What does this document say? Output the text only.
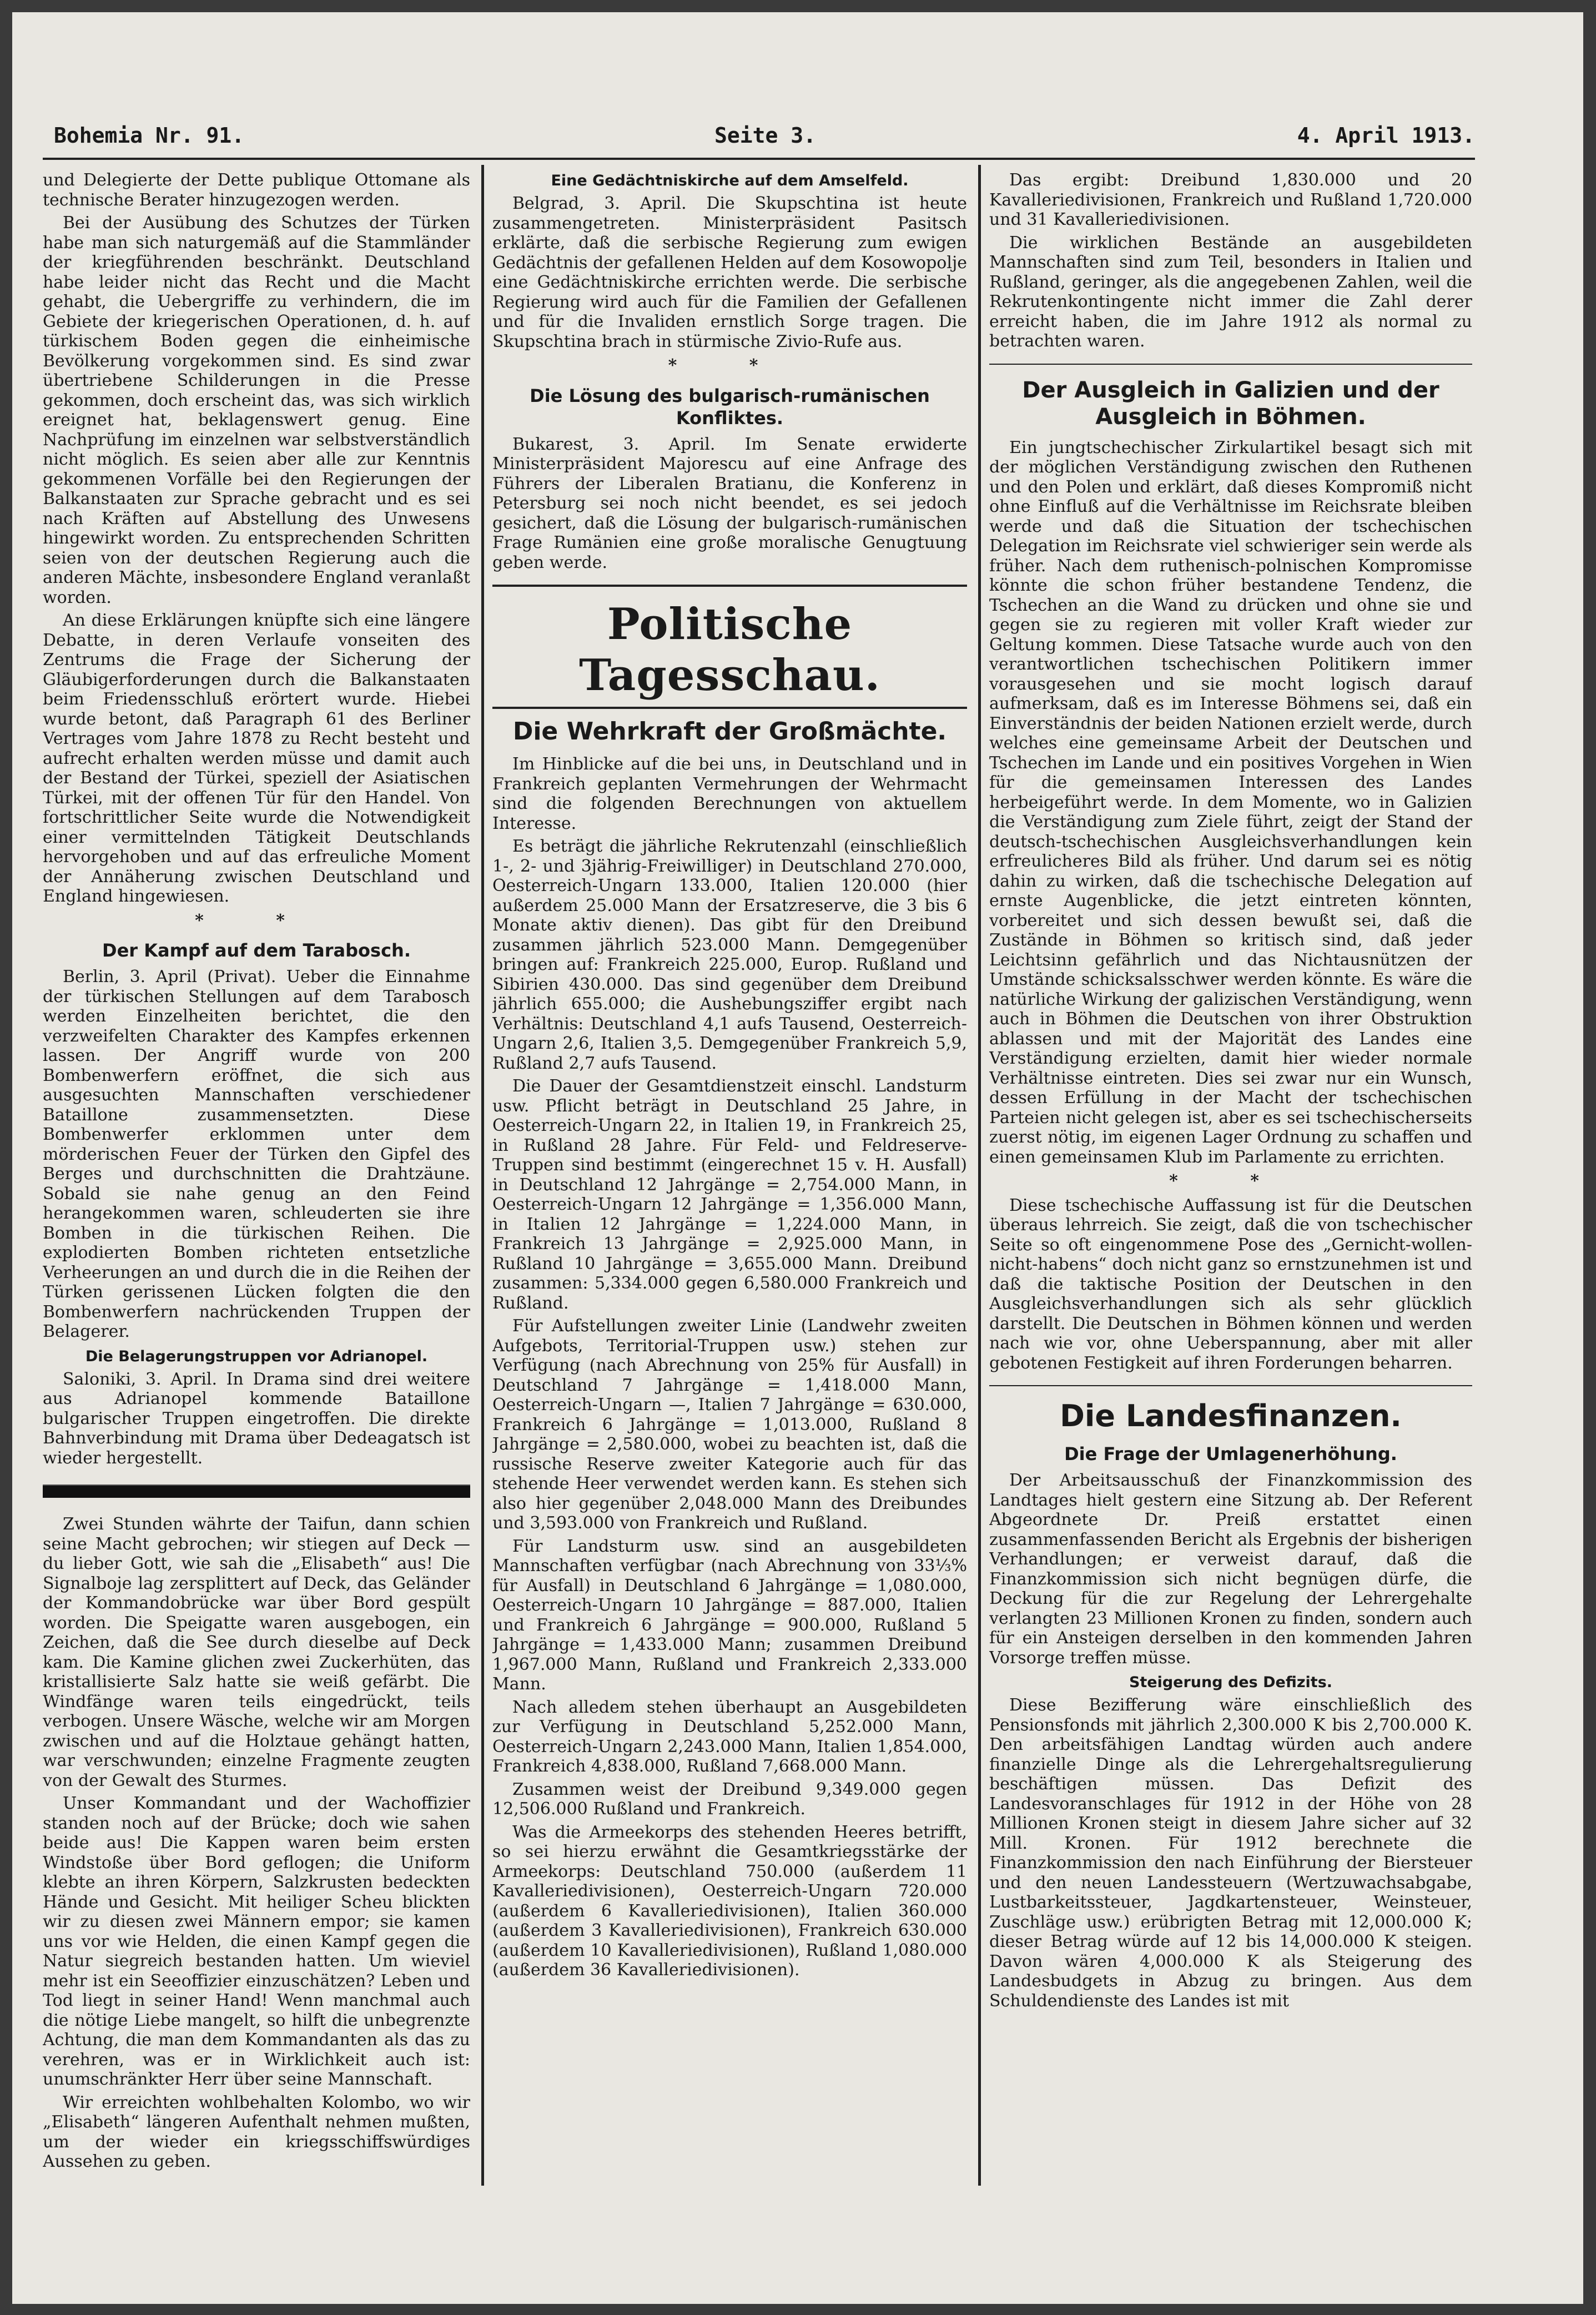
Bohemia Nr. 91.	Seite 3.	4. April 1913.

und Delegierte der Dette publique Ottomane als technische Berater hinzugezogen werden.

Bei der Ausübung des Schutzes der Türken habe man sich naturgemäß auf die Stammländer der kriegführenden beschränkt. Deutschland habe leider nicht das Recht und die Macht gehabt, die Uebergriffe zu verhindern, die im Gebiete der kriegerischen Operationen, d. h. auf türkischem Boden gegen die einheimische Bevölkerung vorgekommen sind. Es sind zwar übertriebene Schilderungen in die Presse gekommen, doch erscheint das, was sich wirklich ereignet hat, beklagenswert genug. Eine Nachprüfung im einzelnen war selbstverständlich nicht möglich. Es seien aber alle zur Kenntnis gekommenen Vorfälle bei den Regierungen der Balkanstaaten zur Sprache gebracht und es sei nach Kräften auf Abstellung des Unwesens hingewirkt worden. Zu entsprechenden Schritten seien von der deutschen Regierung auch die anderen Mächte, insbesondere England veranlaßt worden.

An diese Erklärungen knüpfte sich eine längere Debatte, in deren Verlaufe vonseiten des Zentrums die Frage der Sicherung der Gläubigerforderungen durch die Balkanstaaten beim Friedensschluß erörtert wurde. Hiebei wurde betont, daß Paragraph 61 des Berliner Vertrages vom Jahre 1878 zu Recht besteht und aufrecht erhalten werden müsse und damit auch der Bestand der Türkei, speziell der Asiatischen Türkei, mit der offenen Tür für den Handel. Von fortschrittlicher Seite wurde die Notwendigkeit einer vermittelnden Tätigkeit Deutschlands hervorgehoben und auf das erfreuliche Moment der Annäherung zwischen Deutschland und England hingewiesen.

* *
Der Kampf auf dem Tarabosch.

Berlin, 3. April (Privat). Ueber die Einnahme der türkischen Stellungen auf dem Tarabosch werden Einzelheiten berichtet, die den verzweifelten Charakter des Kampfes erkennen lassen. Der Angriff wurde von 200 Bombenwerfern eröffnet, die sich aus ausgesuchten Mannschaften verschiedener Bataillone zusammensetzten. Diese Bombenwerfer erklommen unter dem mörderischen Feuer der Türken den Gipfel des Berges und durchschnitten die Drahtzäune. Sobald sie nahe genug an den Feind herangekommen waren, schleuderten sie ihre Bomben in die türkischen Reihen. Die explodierten Bomben richteten entsetzliche Verheerungen an und durch die in die Reihen der Türken gerissenen Lücken folgten die den Bombenwerfern nachrückenden Truppen der Belagerer.

Die Belagerungstruppen vor Adrianopel.

Saloniki, 3. April. In Drama sind drei weitere aus Adrianopel kommende Bataillone bulgarischer Truppen eingetroffen. Die direkte Bahnverbindung mit Drama über Dedeagatsch ist wieder hergestellt.

Zwei Stunden währte der Taifun, dann schien seine Macht gebrochen; wir stiegen auf Deck — du lieber Gott, wie sah die „Elisabeth“ aus! Die Signalboje lag zersplittert auf Deck, das Geländer der Kommandobrücke war über Bord gespült worden. Die Speigatte waren ausgebogen, ein Zeichen, daß die See durch dieselbe auf Deck kam. Die Kamine glichen zwei Zuckerhüten, das kristallisierte Salz hatte sie weiß gefärbt. Die Windfänge waren teils eingedrückt, teils verbogen. Unsere Wäsche, welche wir am Morgen zwischen und auf die Holztaue gehängt hatten, war verschwunden; einzelne Fragmente zeugten von der Gewalt des Sturmes.

Unser Kommandant und der Wachoffizier standen noch auf der Brücke; doch wie sahen beide aus! Die Kappen waren beim ersten Windstoße über Bord geflogen; die Uniform klebte an ihren Körpern, Salzkrusten bedeckten Hände und Gesicht. Mit heiliger Scheu blickten wir zu diesen zwei Männern empor; sie kamen uns vor wie Helden, die einen Kampf gegen die Natur siegreich bestanden hatten. Um wieviel mehr ist ein Seeoffizier einzuschätzen? Leben und Tod liegt in seiner Hand! Wenn manchmal auch die nötige Liebe mangelt, so hilft die unbegrenzte Achtung, die man dem Kommandanten als das zu verehren, was er in Wirklichkeit auch ist: unumschränkter Herr über seine Mannschaft.

Wir erreichten wohlbehalten Kolombo, wo wir „Elisabeth“ längeren Aufenthalt nehmen mußten, um der wieder ein kriegsschiffswürdiges Aussehen zu geben.

Eine Gedächtniskirche auf dem Amselfeld.

Belgrad, 3. April. Die Skupschtina ist heute zusammengetreten. Ministerpräsident Pasitsch erklärte, daß die serbische Regierung zum ewigen Gedächtnis der gefallenen Helden auf dem Kosowopolje eine Gedächtniskirche errichten werde. Die serbische Regierung wird auch für die Familien der Gefallenen und für die Invaliden ernstlich Sorge tragen. Die Skupschtina brach in stürmische Zivio-Rufe aus.

* *
Die Lösung des bulgarisch-rumänischen Konfliktes.

Bukarest, 3. April. Im Senate erwiderte Ministerpräsident Majorescu auf eine Anfrage des Führers der Liberalen Bratianu, die Konferenz in Petersburg sei noch nicht beendet, es sei jedoch gesichert, daß die Lösung der bulgarisch-rumänischen Frage Rumänien eine große moralische Genugtuung geben werde.

Politische Tagesschau.
Die Wehrkraft der Großmächte.

Im Hinblicke auf die bei uns, in Deutschland und in Frankreich geplanten Vermehrungen der Wehrmacht sind die folgenden Berechnungen von aktuellem Interesse.

Es beträgt die jährliche Rekrutenzahl (einschließlich 1-, 2- und 3jährig-Freiwilliger) in Deutschland 270.000, Oesterreich-Ungarn 133.000, Italien 120.000 (hier außerdem 25.000 Mann der Ersatzreserve, die 3 bis 6 Monate aktiv dienen). Das gibt für den Dreibund zusammen jährlich 523.000 Mann. Demgegenüber bringen auf: Frankreich 225.000, Europ. Rußland und Sibirien 430.000. Das sind gegenüber dem Dreibund jährlich 655.000; die Aushebungsziffer ergibt nach Verhältnis: Deutschland 4,1 aufs Tausend, Oesterreich-Ungarn 2,6, Italien 3,5. Demgegenüber Frankreich 5,9, Rußland 2,7 aufs Tausend.

Die Dauer der Gesamtdienstzeit einschl. Landsturm usw. Pflicht beträgt in Deutschland 25 Jahre, in Oesterreich-Ungarn 22, in Italien 19, in Frankreich 25, in Rußland 28 Jahre. Für Feld- und Feldreserve-Truppen sind bestimmt (eingerechnet 15 v. H. Ausfall) in Deutschland 12 Jahrgänge = 2,754.000 Mann, in Oesterreich-Ungarn 12 Jahrgänge = 1,356.000 Mann, in Italien 12 Jahrgänge = 1,224.000 Mann, in Frankreich 13 Jahrgänge = 2,925.000 Mann, in Rußland 10 Jahrgänge = 3,655.000 Mann. Dreibund zusammen: 5,334.000 gegen 6,580.000 Frankreich und Rußland.

Für Aufstellungen zweiter Linie (Landwehr zweiten Aufgebots, Territorial-Truppen usw.) stehen zur Verfügung (nach Abrechnung von 25% für Ausfall) in Deutschland 7 Jahrgänge = 1,418.000 Mann, Oesterreich-Ungarn —, Italien 7 Jahrgänge = 630.000, Frankreich 6 Jahrgänge = 1,013.000, Rußland 8 Jahrgänge = 2,580.000, wobei zu beachten ist, daß die russische Reserve zweiter Kategorie auch für das stehende Heer verwendet werden kann. Es stehen sich also hier gegenüber 2,048.000 Mann des Dreibundes und 3,593.000 von Frankreich und Rußland.

Für Landsturm usw. sind an ausgebildeten Mannschaften verfügbar (nach Abrechnung von 33⅓% für Ausfall) in Deutschland 6 Jahrgänge = 1,080.000, Oesterreich-Ungarn 10 Jahrgänge = 887.000, Italien und Frankreich 6 Jahrgänge = 900.000, Rußland 5 Jahrgänge = 1,433.000 Mann; zusammen Dreibund 1,967.000 Mann, Rußland und Frankreich 2,333.000 Mann.

Nach alledem stehen überhaupt an Ausgebildeten zur Verfügung in Deutschland 5,252.000 Mann, Oesterreich-Ungarn 2,243.000 Mann, Italien 1,854.000, Frankreich 4,838.000, Rußland 7,668.000 Mann.

Zusammen weist der Dreibund 9,349.000 gegen 12,506.000 Rußland und Frankreich.

Was die Armeekorps des stehenden Heeres betrifft, so sei hierzu erwähnt die Gesamtkriegsstärke der Armeekorps: Deutschland 750.000 (außerdem 11 Kavalleriedivisionen), Oesterreich-Ungarn 720.000 (außerdem 6 Kavalleriedivisionen), Italien 360.000 (außerdem 3 Kavalleriedivisionen), Frankreich 630.000 (außerdem 10 Kavalleriedivisionen), Rußland 1,080.000 (außerdem 36 Kavalleriedivisionen).

Das ergibt: Dreibund 1,830.000 und 20 Kavalleriedivisionen, Frankreich und Rußland 1,720.000 und 31 Kavalleriedivisionen.

Die wirklichen Bestände an ausgebildeten Mannschaften sind zum Teil, besonders in Italien und Rußland, geringer, als die angegebenen Zahlen, weil die Rekrutenkontingente nicht immer die Zahl derer erreicht haben, die im Jahre 1912 als normal zu betrachten waren.

Der Ausgleich in Galizien und der Ausgleich in Böhmen.

Ein jungtschechischer Zirkulartikel besagt sich mit der möglichen Verständigung zwischen den Ruthenen und den Polen und erklärt, daß dieses Kompromiß nicht ohne Einfluß auf die Verhältnisse im Reichsrate bleiben werde und daß die Situation der tschechischen Delegation im Reichsrate viel schwieriger sein werde als früher. Nach dem ruthenisch-polnischen Kompromisse könnte die schon früher bestandene Tendenz, die Tschechen an die Wand zu drücken und ohne sie und gegen sie zu regieren mit voller Kraft wieder zur Geltung kommen. Diese Tatsache wurde auch von den verantwortlichen tschechischen Politikern immer vorausgesehen und sie mocht logisch darauf aufmerksam, daß es im Interesse Böhmens sei, daß ein Einverständnis der beiden Nationen erzielt werde, durch welches eine gemeinsame Arbeit der Deutschen und Tschechen im Lande und ein positives Vorgehen in Wien für die gemeinsamen Interessen des Landes herbeigeführt werde. In dem Momente, wo in Galizien die Verständigung zum Ziele führt, zeigt der Stand der deutsch-tschechischen Ausgleichsverhandlungen kein erfreulicheres Bild als früher. Und darum sei es nötig dahin zu wirken, daß die tschechische Delegation auf ernste Augenblicke, die jetzt eintreten könnten, vorbereitet und sich dessen bewußt sei, daß die Zustände in Böhmen so kritisch sind, daß jeder Leichtsinn gefährlich und das Nichtausnützen der Umstände schicksalsschwer werden könnte. Es wäre die natürliche Wirkung der galizischen Verständigung, wenn auch in Böhmen die Deutschen von ihrer Obstruktion ablassen und mit der Majorität des Landes eine Verständigung erzielten, damit hier wieder normale Verhältnisse eintreten. Dies sei zwar nur ein Wunsch, dessen Erfüllung in der Macht der tschechischen Parteien nicht gelegen ist, aber es sei tschechischerseits zuerst nötig, im eigenen Lager Ordnung zu schaffen und einen gemeinsamen Klub im Parlamente zu errichten.

* *

Diese tschechische Auffassung ist für die Deutschen überaus lehrreich. Sie zeigt, daß die von tschechischer Seite so oft eingenommene Pose des „Gernicht-wollen-nicht-habens“ doch nicht ganz so ernstzunehmen ist und daß die taktische Position der Deutschen in den Ausgleichsverhandlungen sich als sehr glücklich darstellt. Die Deutschen in Böhmen können und werden nach wie vor, ohne Ueberspannung, aber mit aller gebotenen Festigkeit auf ihren Forderungen beharren.

Die Landesfinanzen.
Die Frage der Umlagenerhöhung.

Der Arbeitsausschuß der Finanzkommission des Landtages hielt gestern eine Sitzung ab. Der Referent Abgeordnete Dr. Preiß erstattet einen zusammenfassenden Bericht als Ergebnis der bisherigen Verhandlungen; er verweist darauf, daß die Finanzkommission sich nicht begnügen dürfe, die Deckung für die zur Regelung der Lehrergehalte verlangten 23 Millionen Kronen zu finden, sondern auch für ein Ansteigen derselben in den kommenden Jahren Vorsorge treffen müsse.

Steigerung des Defizits.

Diese Bezifferung wäre einschließlich des Pensionsfonds mit jährlich 2,300.000 K bis 2,700.000 K. Den arbeitsfähigen Landtag würden auch andere finanzielle Dinge als die Lehrergehaltsregulierung beschäftigen müssen. Das Defizit des Landesvoranschlages für 1912 in der Höhe von 28 Millionen Kronen steigt in diesem Jahre sicher auf 32 Mill. Kronen. Für 1912 berechnete die Finanzkommission den nach Einführung der Biersteuer und den neuen Landessteuern (Wertzuwachsabgabe, Lustbarkeitssteuer, Jagdkartensteuer, Weinsteuer, Zuschläge usw.) erübrigten Betrag mit 12,000.000 K; dieser Betrag würde auf 12 bis 14,000.000 K steigen. Davon wären 4,000.000 K als Steigerung des Landesbudgets in Abzug zu bringen. Aus dem Schuldendienste des Landes ist mit
